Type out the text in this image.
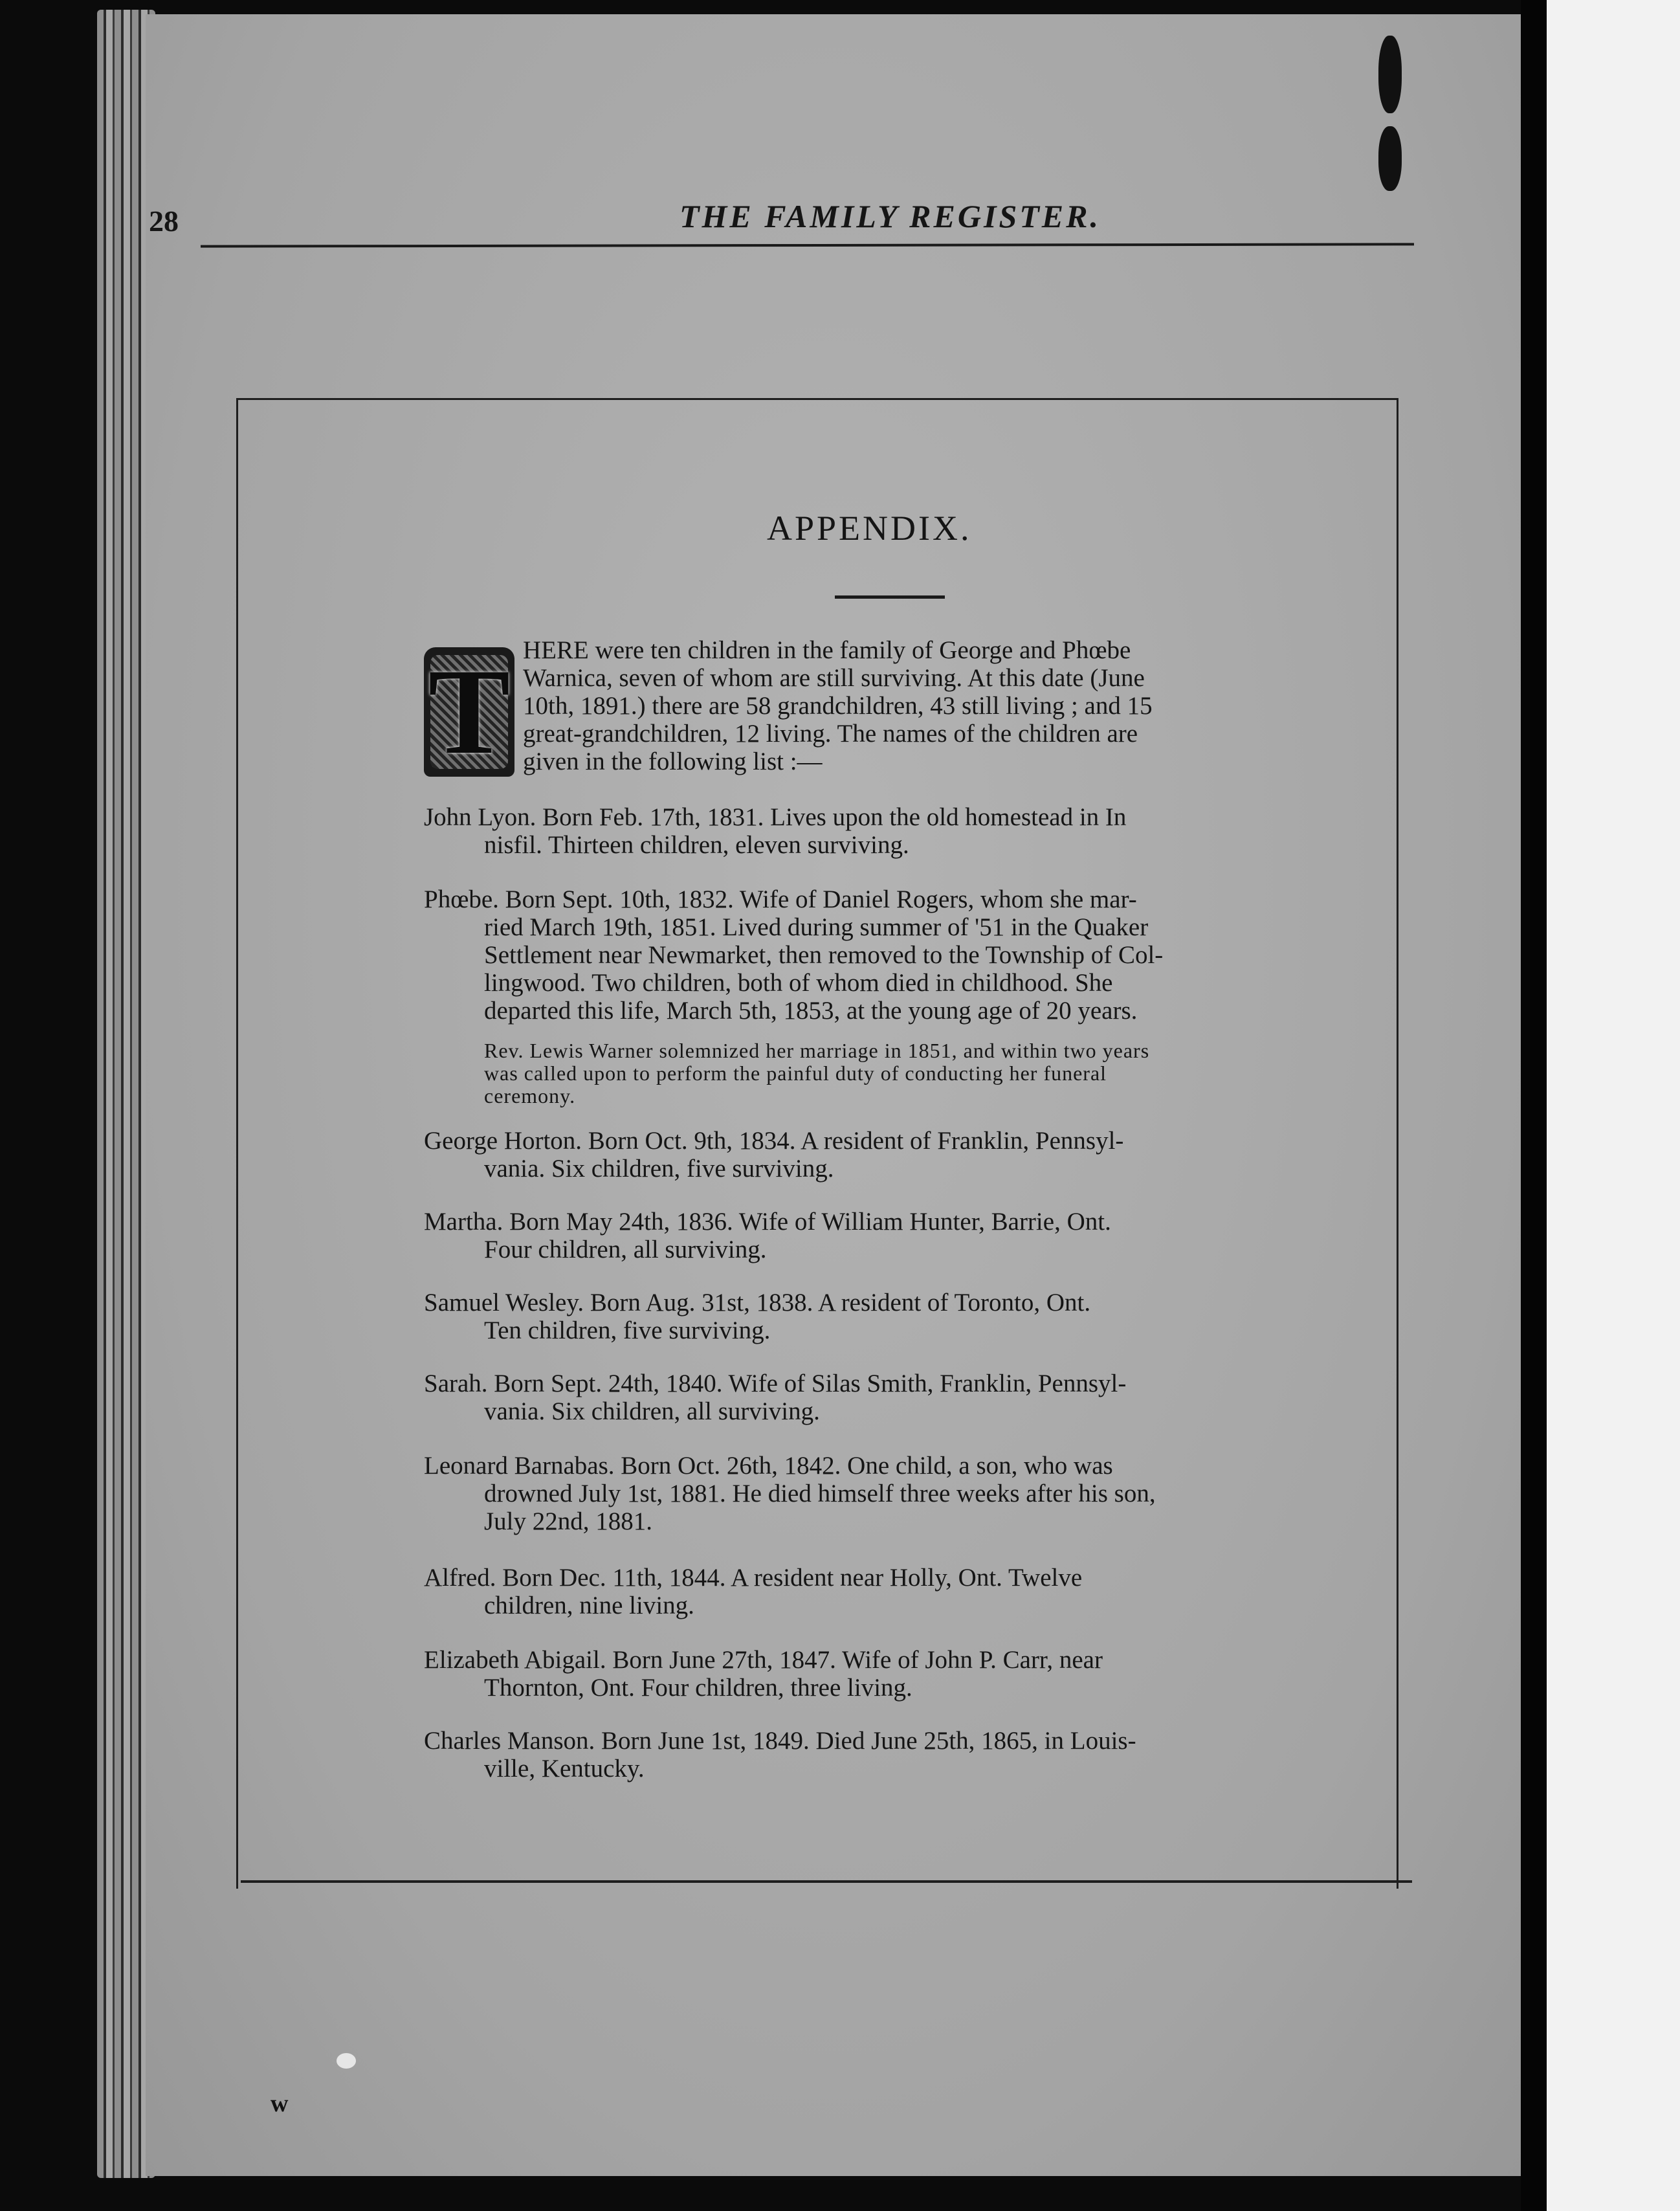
28	THE FAMILY REGISTER.
APPENDIX.
T
w
HERE were ten children in the family of George and Phœbe
Warnica, seven of whom are still surviving. At this date (June
10th, 1891.) there are 58 grandchildren, 43 still living ; and 15
great-grandchildren, 12 living. The names of the children are
given in the following list :—
John Lyon. Born Feb. 17th, 1831. Lives upon the old homestead in In
nisfil. Thirteen children, eleven surviving.
Phœbe. Born Sept. 10th, 1832. Wife of Daniel Rogers, whom she mar-
ried March 19th, 1851. Lived during summer of '51 in the Quaker
Settlement near Newmarket, then removed to the Township of Col-
lingwood. Two children, both of whom died in childhood. She
departed this life, March 5th, 1853, at the young age of 20 years.
Rev. Lewis Warner solemnized her marriage in 1851, and within two years
was called upon to perform the painful duty of conducting her funeral
ceremony.
George Horton. Born Oct. 9th, 1834. A resident of Franklin, Pennsyl-
vania. Six children, five surviving.
Martha. Born May 24th, 1836. Wife of William Hunter, Barrie, Ont.
Four children, all surviving.
Samuel Wesley. Born Aug. 31st, 1838. A resident of Toronto, Ont.
Ten children, five surviving.
Sarah. Born Sept. 24th, 1840. Wife of Silas Smith, Franklin, Pennsyl-
vania. Six children, all surviving.
Leonard Barnabas. Born Oct. 26th, 1842. One child, a son, who was
drowned July 1st, 1881. He died himself three weeks after his son,
July 22nd, 1881.
Alfred. Born Dec. 11th, 1844. A resident near Holly, Ont. Twelve
children, nine living.
Elizabeth Abigail. Born June 27th, 1847. Wife of John P. Carr, near
Thornton, Ont. Four children, three living.
Charles Manson. Born June 1st, 1849. Died June 25th, 1865, in Louis-
ville, Kentucky.
